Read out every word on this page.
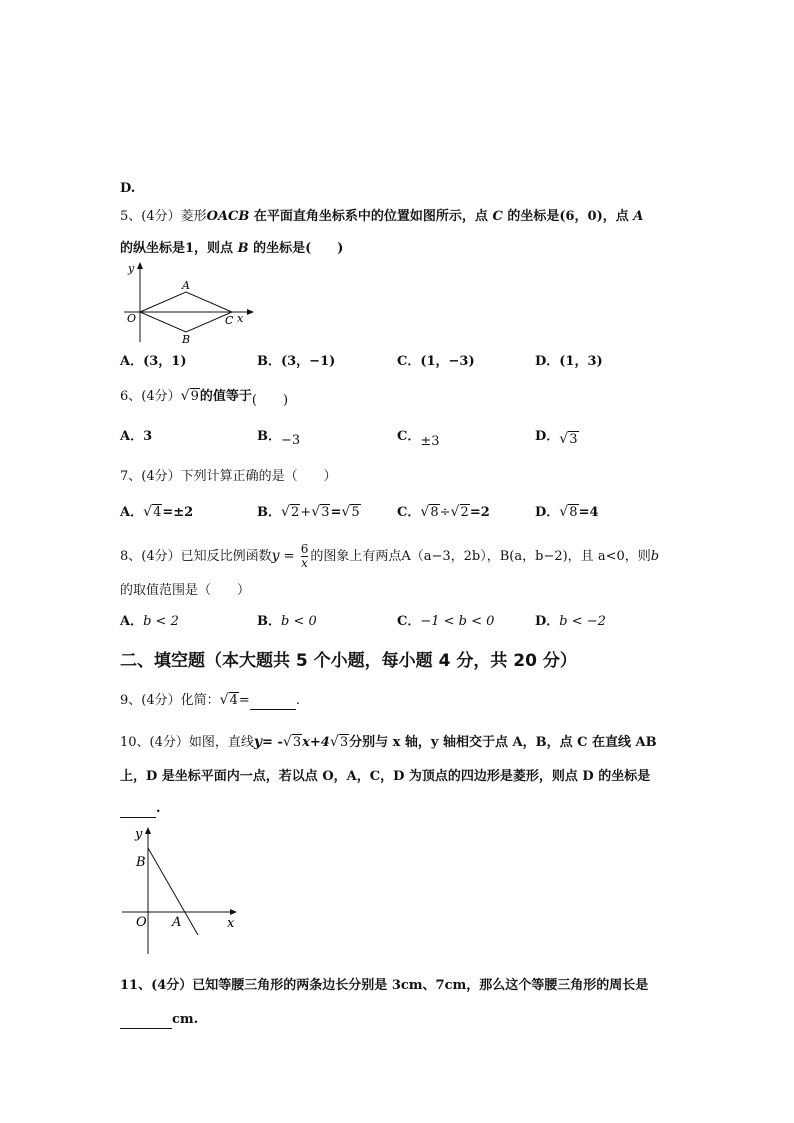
D.
5、(4分）菱形OACB 在平面直角坐标系中的位置如图所示，点 C 的坐标是(6，0)，点 A
的纵坐标是1，则点 B 的坐标是(　　)
y
x
O
A
B
C
A．(3，1)	B．(3，−1)	C．(1，−3)	D．(1，3)
6、(4分） √ 9的值等于(　　)
A．3	B．−3	C．±3	D． √ 3
7、(4分）下列计算正确的是（　　）
A． √ 4=±2	B． √ 2+ √ 3= √ 5	C． √ 8÷ √ 2=2	D． √ 8=4
8、(4分）已知反比例函数$y = \frac{6}{x}$ 的图象上有两点A（a−3，2b），B(a，b−2)，且 a<0，则b
的取值范围是（　　）
A．b < 2	B．b < 0	C．−1 < b < 0	D．b < −2
二、填空题（本大题共 5 个小题，每小题 4 分，共 20 分）
9、(4分）化简： √ 4=	.
10、(4分）如图，直线y= - √ 3x+4 √ 3分别与 x 轴，y 轴相交于点 A，B，点 C 在直线 AB
上，D 是坐标平面内一点，若以点 O，A，C，D 为顶点的四边形是菱形，则点 D 的坐标是
.
y
x
O
B
A
11、(4分）已知等腰三角形的两条边长分别是 3cm、7cm，那么这个等腰三角形的周长是
cm.
